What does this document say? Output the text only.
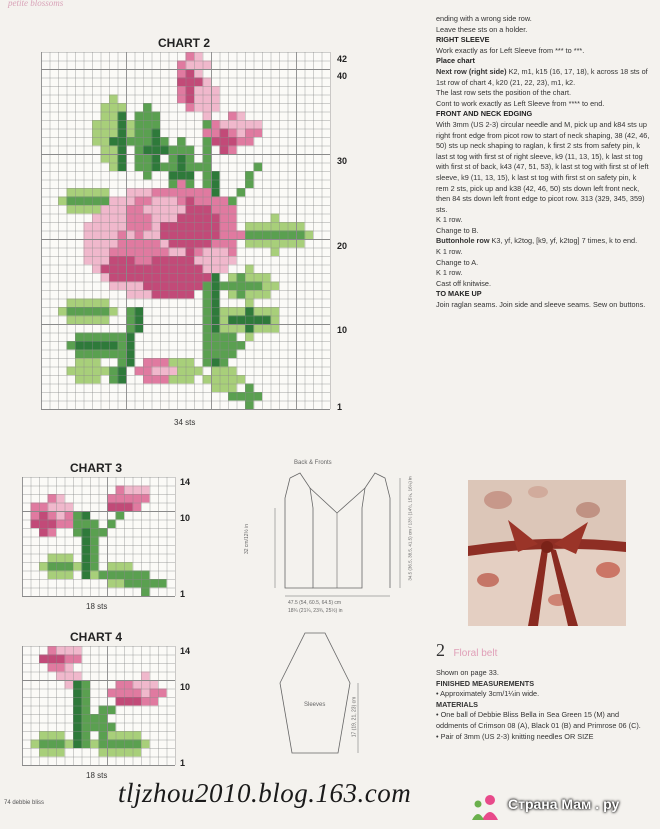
petite blossoms
CHART 2
42
40
30
20
10
1
34 sts
CHART 3
14
10
1
18 sts
CHART 4
14
10
1
18 sts
Back & Fronts
32 cm/12½ in	34.5 (36.5, 38.5, 41.5) cm / 13½ (14½, 15¼, 16¼) in
47.5 (54, 60.5, 64.5) cm
18¾ (21¼, 23¾, 25½) in
Sleeves	17 (19, 21, 23) cm

ending with a wrong side row.

Leave these sts on a holder.

RIGHT SLEEVE

Work exactly as for Left Sleeve from *** to ***.

Place chart

Next row (right side) K2, m1, k15 (16, 17, 18), k across 18 sts of 1st row of chart 4, k20 (21, 22, 23), m1, k2.

The last row sets the position of the chart.

Cont to work exactly as Left Sleeve from **** to end.

FRONT AND NECK EDGING

With 3mm (US 2-3) circular needle and M, pick up and k84 sts up right front edge from picot row to start of neck shaping, 38 (42, 46, 50) sts up neck shaping to raglan, k first 2 sts from safety pin, k last st tog with first st of right sleeve, k9 (11, 13, 15), k last st tog with first st of back, k43 (47, 51, 53), k last st tog with first st of left sleeve, k9 (11, 13, 15), k last st tog with first st on safety pin, k rem 2 sts, pick up and k38 (42, 46, 50) sts down left front neck, then 84 sts down left front edge to picot row. 313 (329, 345, 359) sts.

K 1 row.

Change to B.

Buttonhole row K3, yf, k2tog, [k9, yf, k2tog] 7 times, k to end.

K 1 row.

Change to A.

K 1 row.

Cast off knitwise.

TO MAKE UP

Join raglan seams. Join side and sleeve seams. Sew on buttons.

2 Floral belt

Shown on page 33.

FINISHED MEASUREMENTS

• Approximately 3cm/1¼in wide.

MATERIALS

• One ball of Debbie Bliss Bella in Sea Green 15 (M) and oddments of Crimson 08 (A), Black 01 (B) and Primrose 06 (C).

• Pair of 3mm (US 2-3) knitting needles OR SIZE

74 debbie bliss	tljzhou2010.blog.163.com	Страна Мам . ру
